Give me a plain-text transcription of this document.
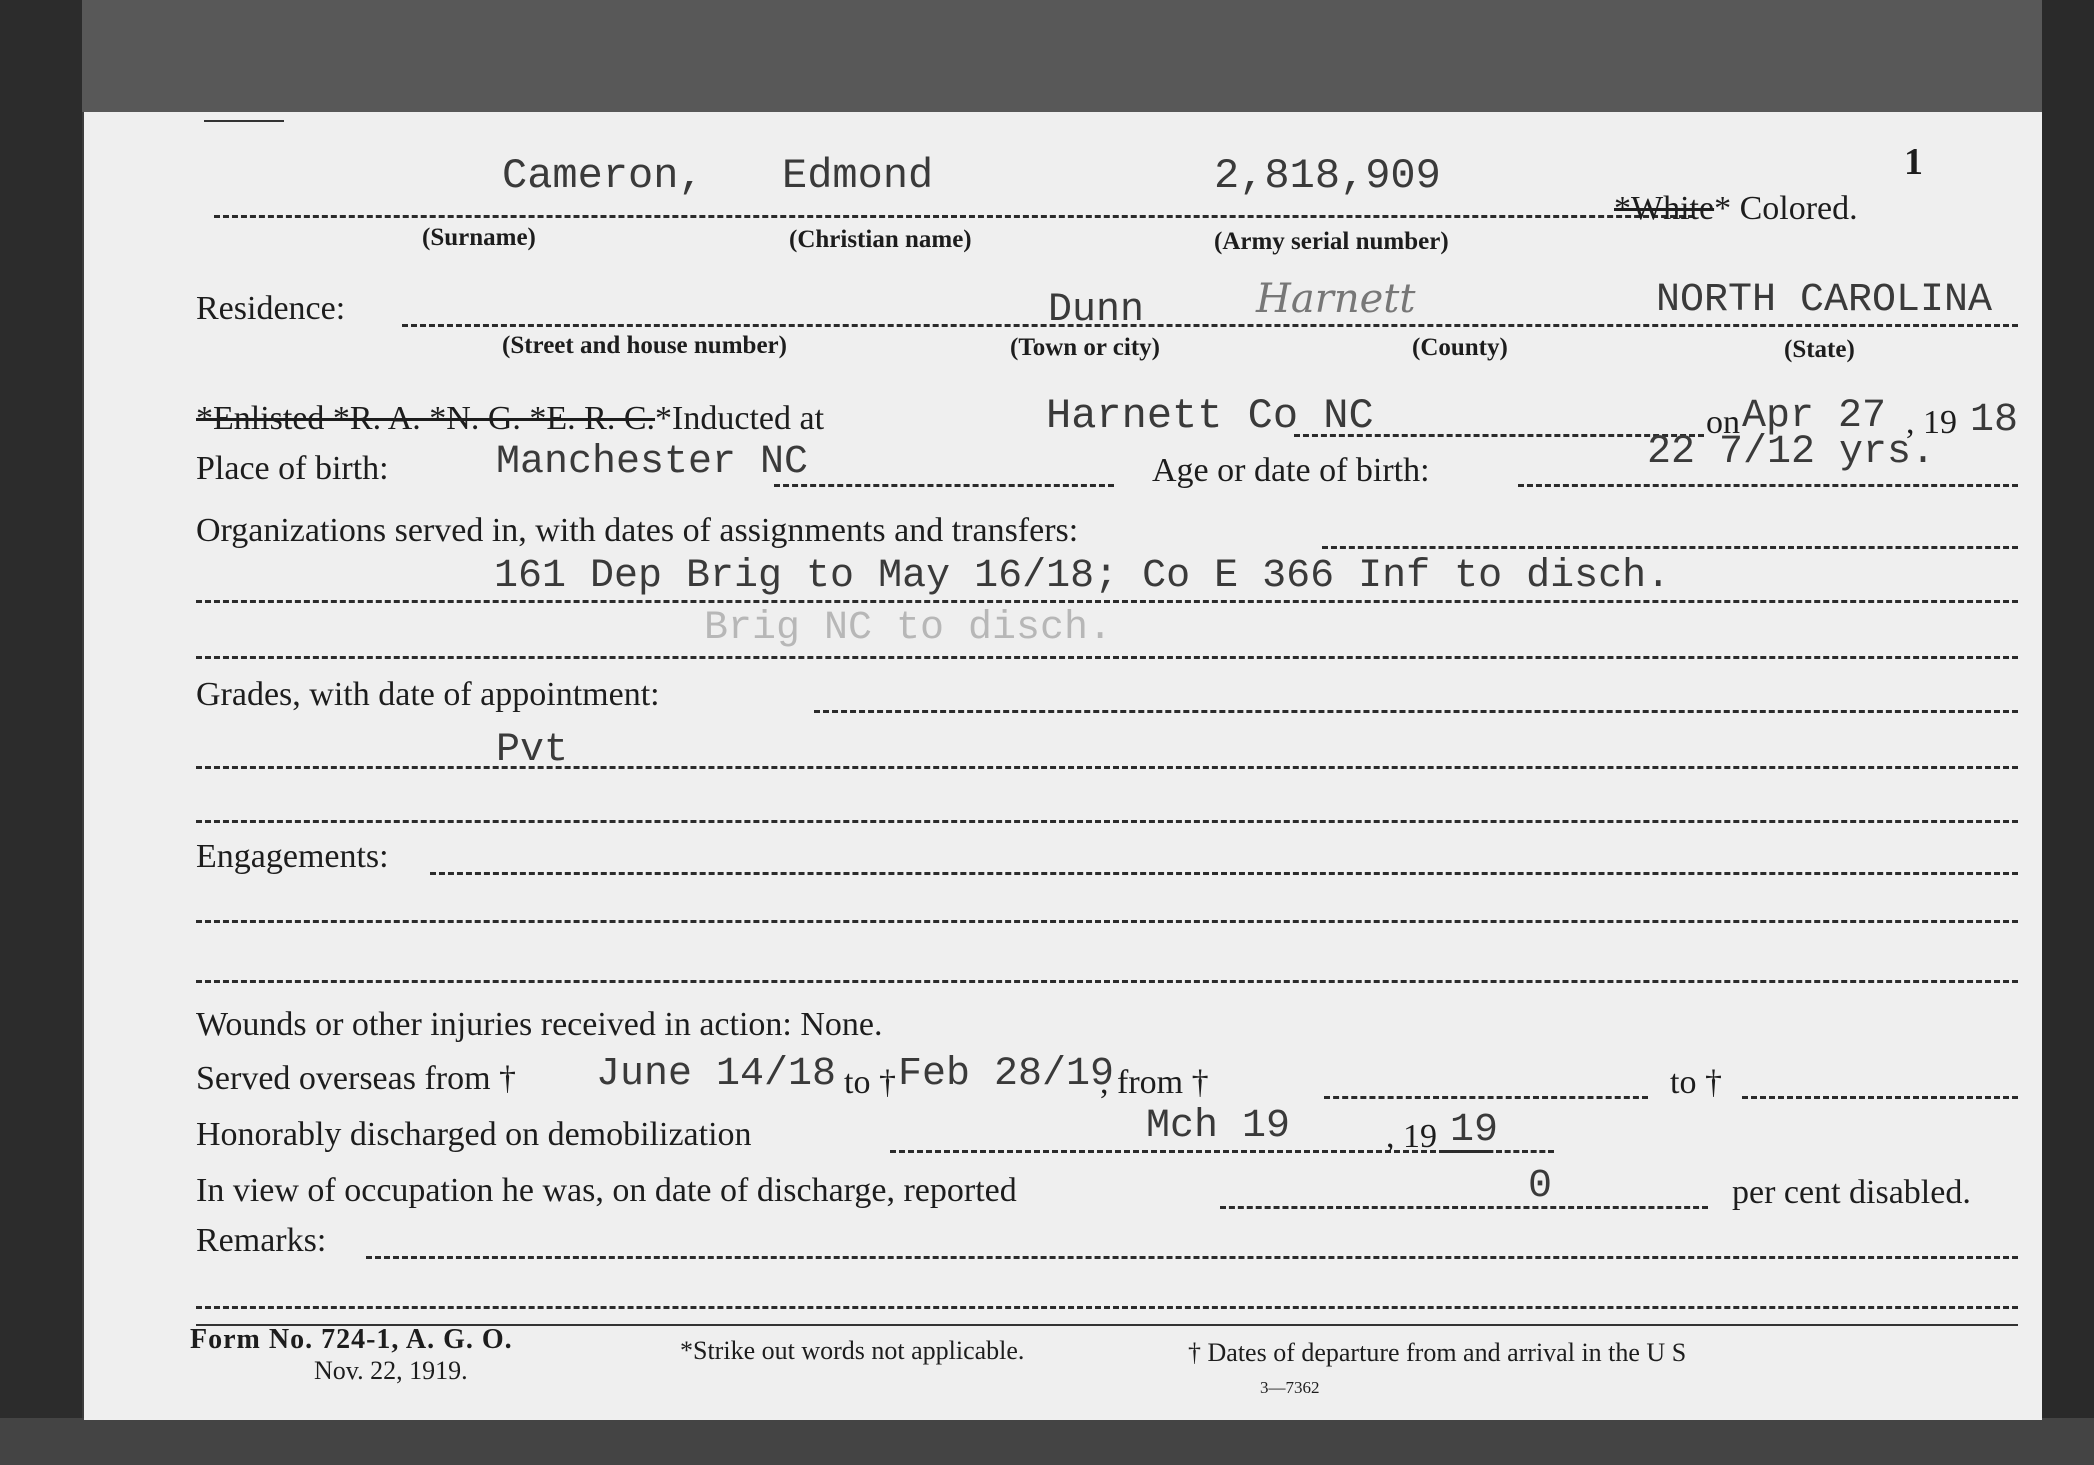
1
Cameron, Edmond	2,818,909
*White* Colored.
(Surname)	(Christian name)	(Army serial number)
Residence:	Dunn	Harnett	NORTH CAROLINA
(Street and house number)	(Town or city)	(County)	(State)
*Enlisted *R. A. *N. G. *E. R. C.*Inducted at	Harnett Co NC	on Apr 27 , 19 18
Place of birth:	Manchester NC	Age or date of birth:	22 7/12 yrs.
Organizations served in, with dates of assignments and transfers:
161 Dep Brig to May 16/18; Co E 366 Inf to disch.
Brig NC to disch.
Grades, with date of appointment:
Pvt
Engagements:
Wounds or other injuries received in action: None.
Served overseas from † June 14/18 to † Feb 28/19
, from †	to †
Honorably discharged on demobilization	Mch 19	, 19 19
In view of occupation he was, on date of discharge, reported	0	per cent disabled.
Remarks:
Form No. 724-1, A. G. O.
Nov. 22, 1919.
*Strike out words not applicable.	† Dates of departure from and arrival in the U S
3—7362
